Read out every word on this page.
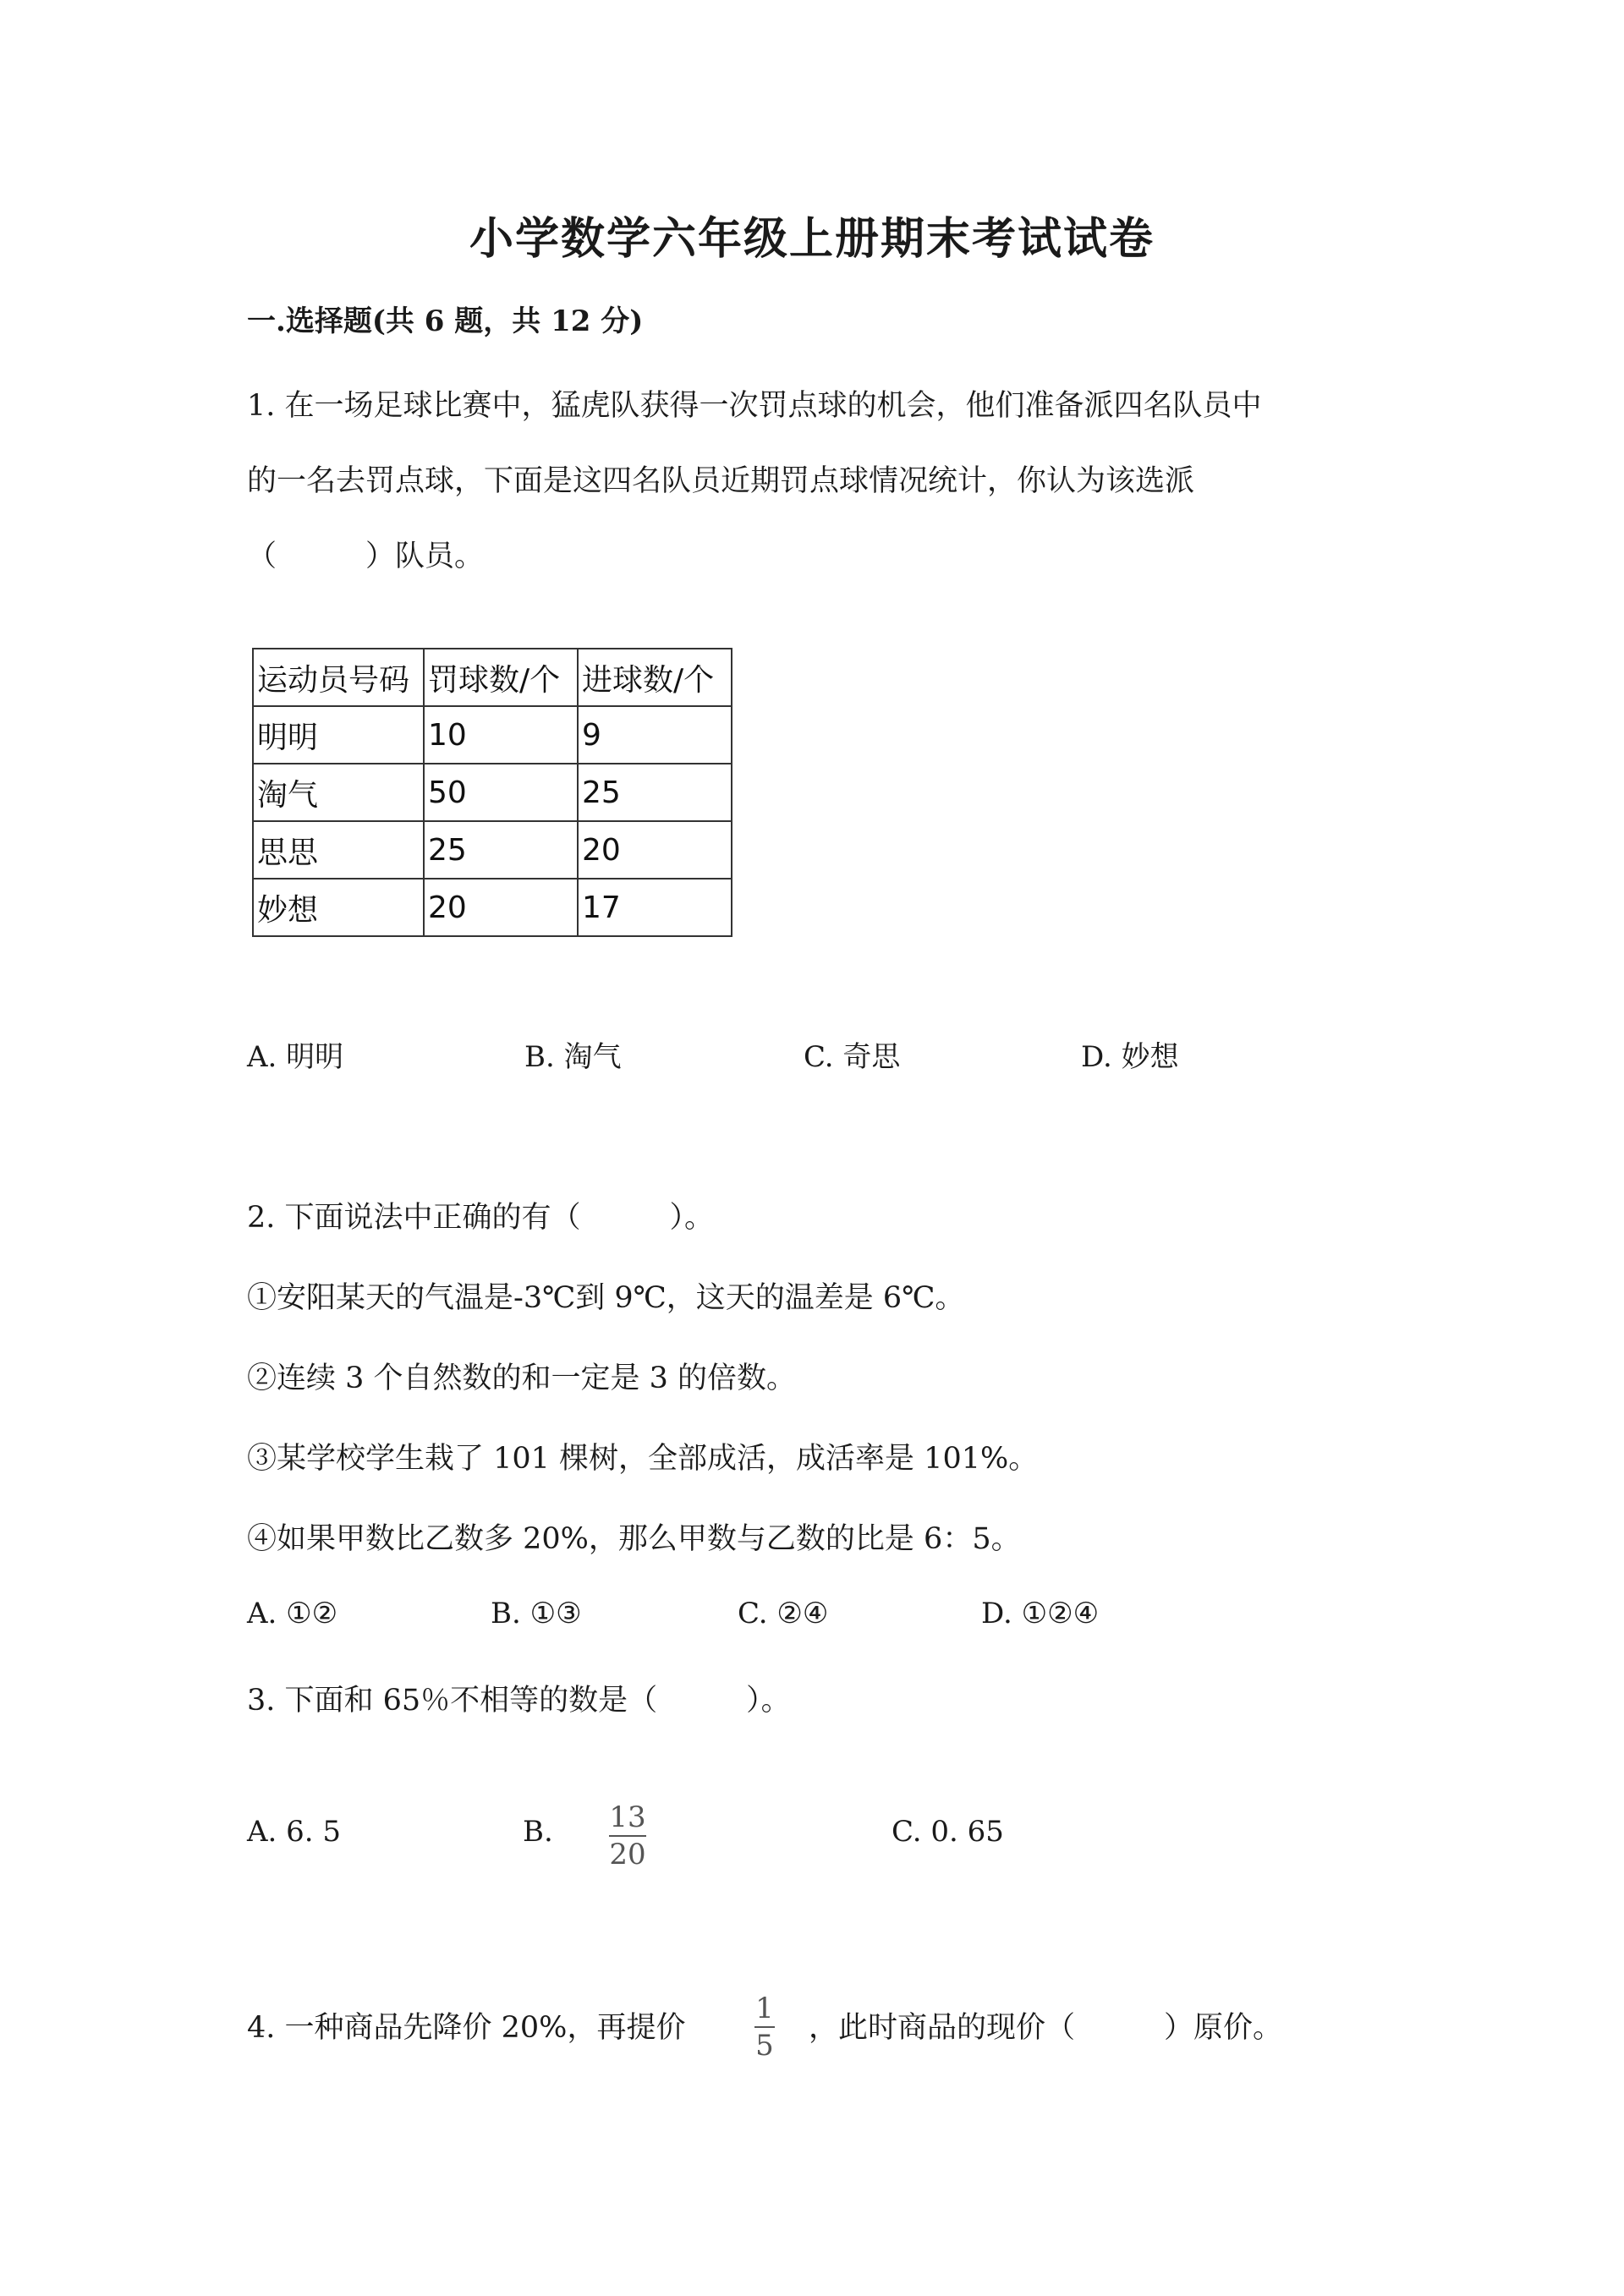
小学数学六年级上册期末考试试卷
一.选择题(共 6 题，共 12 分)
1. 在一场足球比赛中，猛虎队获得一次罚点球的机会，他们准备派四名队员中
的一名去罚点球，下面是这四名队员近期罚点球情况统计，你认为该选派
（　　　）队员。
运动员号码	罚球数/个	进球数/个
明明	10	9
淘气	50	25
思思	25	20
妙想	20	17
A. 明明	B. 淘气	C. 奇思	D. 妙想
2. 下面说法中正确的有（　　　）。
①安阳某天的气温是-3℃到 9℃，这天的温差是 6℃。
②连续 3 个自然数的和一定是 3 的倍数。
③某学校学生栽了 101 棵树，全部成活，成活率是 101%。
④如果甲数比乙数多 20%，那么甲数与乙数的比是 6：5。
A. ①②	B. ①③	C. ②④	D. ①②④
3. 下面和 65％不相等的数是（　　　）。
A. 6. 5	B. 13
20
C. 0. 65
4. 一种商品先降价 20%，再提价
1
5
，此时商品的现价（　　　）原价。
